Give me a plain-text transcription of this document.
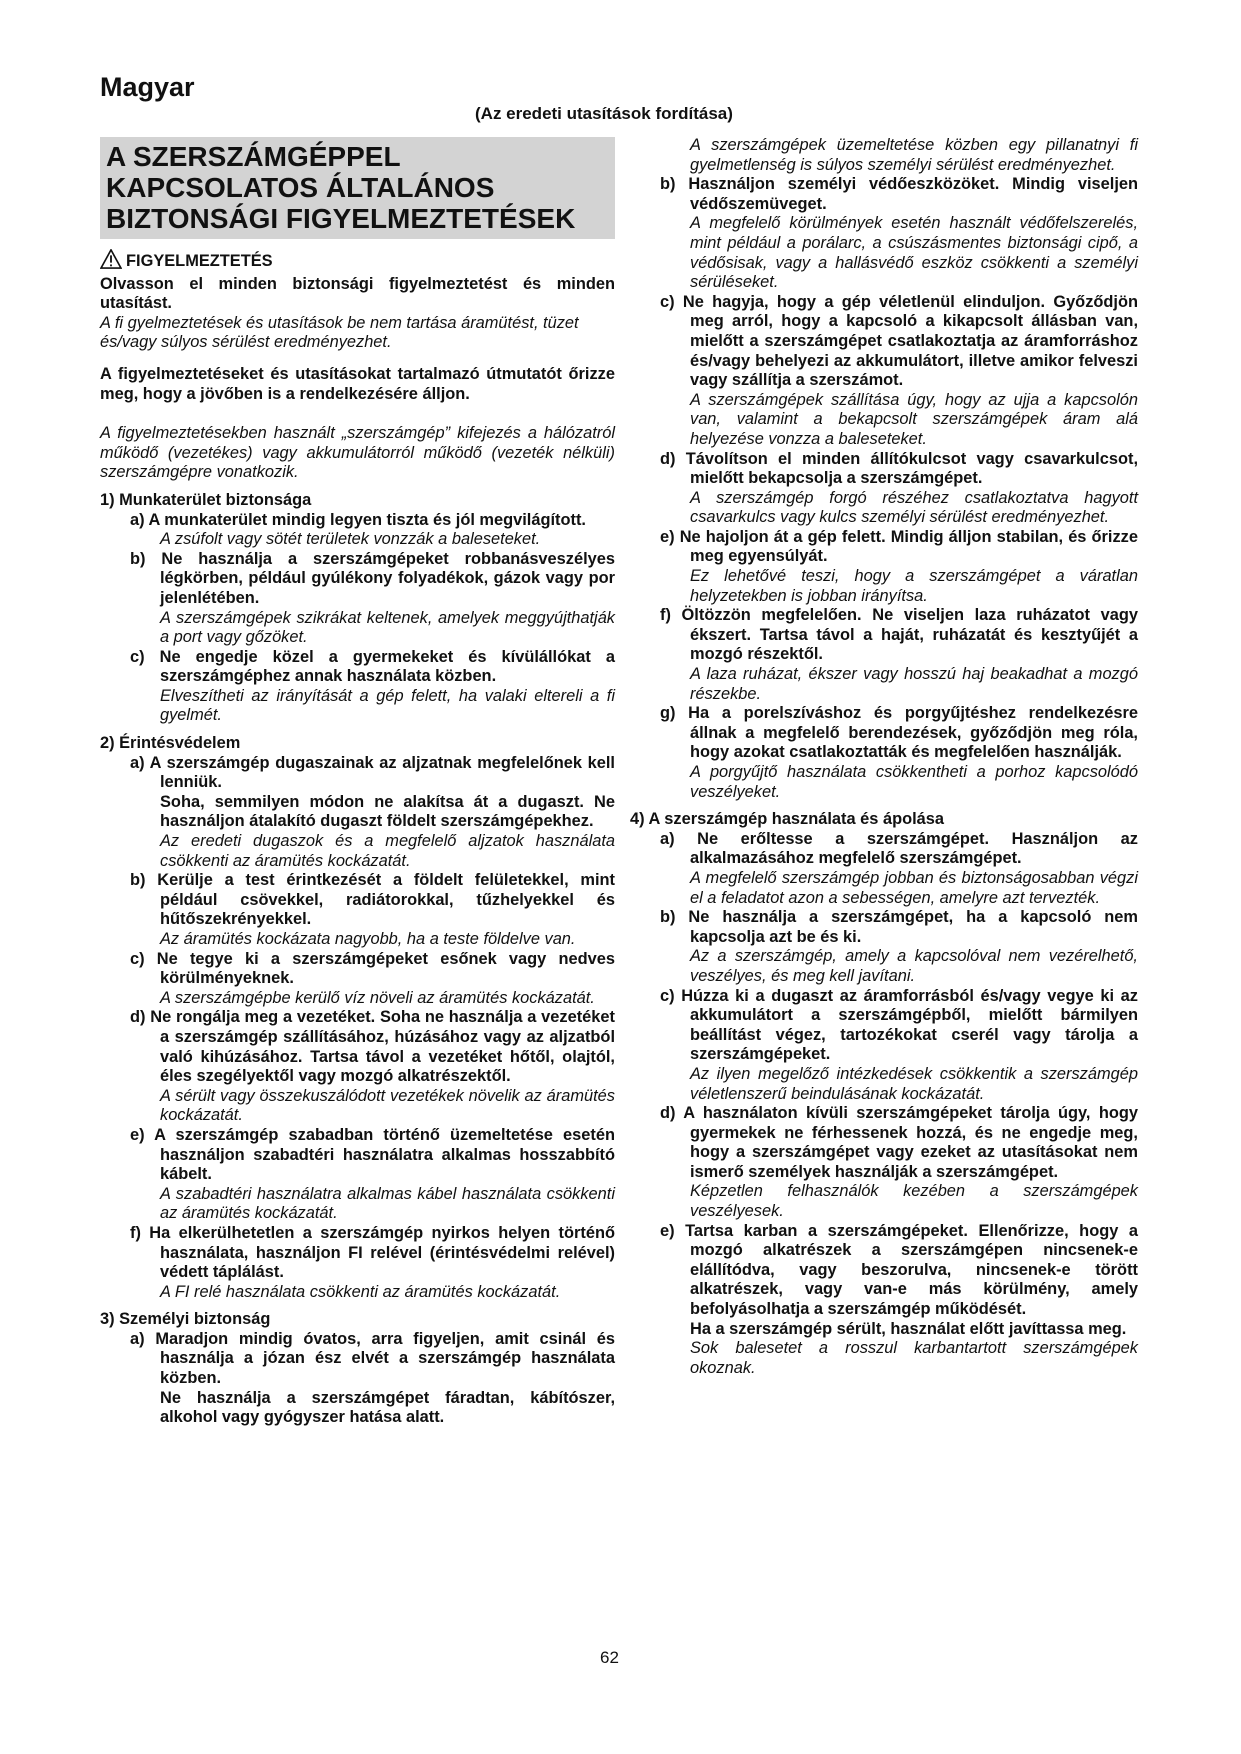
Magyar
(Az eredeti utasítások fordítása)
A SZERSZÁMGÉPPEL
KAPCSOLATOS ÁLTALÁNOS
BIZTONSÁGI FIGYELMEZTETÉSEK
FIGYELMEZTETÉS

Olvasson el minden biztonsági figyelmeztetést és minden utasítást.

A fi gyelmeztetések és utasítások be nem tartása áramütést, tüzet és/vagy súlyos sérülést eredményezhet.

A figyelmeztetéseket és utasításokat tartalmazó útmutatót őrizze meg, hogy a jövőben is a rendelkezésére álljon.

A figyelmeztetésekben használt „szerszámgép” kifejezés a hálózatról működő (vezetékes) vagy akkumulátorról működő (vezeték nélküli) szerszámgépre vonatkozik.

1) Munkaterület biztonsága

a) A munkaterület mindig legyen tiszta és jól megvilágított.

A zsúfolt vagy sötét területek vonzzák a baleseteket.

b) Ne használja a szerszámgépeket robbanásveszélyes légkörben, például gyúlékony folyadékok, gázok vagy por jelenlétében.

A szerszámgépek szikrákat keltenek, amelyek meggyújthatják a port vagy gőzöket.

c) Ne engedje közel a gyermekeket és kívülállókat a szerszámgéphez annak használata közben.

Elveszítheti az irányítását a gép felett, ha valaki eltereli a fi gyelmét.

2) Érintésvédelem

a) A szerszámgép dugaszainak az aljzatnak megfelelőnek kell lenniük.

Soha, semmilyen módon ne alakítsa át a dugaszt. Ne használjon átalakító dugaszt földelt szerszámgépekhez.

Az eredeti dugaszok és a megfelelő aljzatok használata csökkenti az áramütés kockázatát.

b) Kerülje a test érintkezését a földelt felületekkel, mint például csövekkel, radiátorokkal, tűzhelyekkel és hűtőszekrényekkel.

Az áramütés kockázata nagyobb, ha a teste földelve van.

c) Ne tegye ki a szerszámgépeket esőnek vagy nedves körülményeknek.

A szerszámgépbe kerülő víz növeli az áramütés kockázatát.

d) Ne rongálja meg a vezetéket. Soha ne használja a vezetéket a szerszámgép szállításához, húzásához vagy az aljzatból való kihúzásához. Tartsa távol a vezetéket hőtől, olajtól, éles szegélyektől vagy mozgó alkatrészektől.

A sérült vagy összekuszálódott vezetékek növelik az áramütés kockázatát.

e) A szerszámgép szabadban történő üzemeltetése esetén használjon szabadtéri használatra alkalmas hosszabbító kábelt.

A szabadtéri használatra alkalmas kábel használata csökkenti az áramütés kockázatát.

f) Ha elkerülhetetlen a szerszámgép nyirkos helyen történő használata, használjon FI relével (érintésvédelmi relével) védett táplálást.

A FI relé használata csökkenti az áramütés kockázatát.

3) Személyi biztonság

a) Maradjon mindig óvatos, arra figyeljen, amit csinál és használja a józan ész elvét a szerszámgép használata közben.

Ne használja a szerszámgépet fáradtan, kábítószer, alkohol vagy gyógyszer hatása alatt.

A szerszámgépek üzemeltetése közben egy pillanatnyi fi gyelmetlenség is súlyos személyi sérülést eredményezhet.

b) Használjon személyi védőeszközöket. Mindig viseljen védőszemüveget.

A megfelelő körülmények esetén használt védőfelszerelés, mint például a porálarc, a csúszásmentes biztonsági cipő, a védősisak, vagy a hallásvédő eszköz csökkenti a személyi sérüléseket.

c) Ne hagyja, hogy a gép véletlenül elinduljon. Győződjön meg arról, hogy a kapcsoló a kikapcsolt állásban van, mielőtt a szerszámgépet csatlakoztatja az áramforráshoz és/vagy behelyezi az akkumulátort, illetve amikor felveszi vagy szállítja a szerszámot.

A szerszámgépek szállítása úgy, hogy az ujja a kapcsolón van, valamint a bekapcsolt szerszámgépek áram alá helyezése vonzza a baleseteket.

d) Távolítson el minden állítókulcsot vagy csavarkulcsot, mielőtt bekapcsolja a szerszámgépet.

A szerszámgép forgó részéhez csatlakoztatva hagyott csavarkulcs vagy kulcs személyi sérülést eredményezhet.

e) Ne hajoljon át a gép felett. Mindig álljon stabilan, és őrizze meg egyensúlyát.

Ez lehetővé teszi, hogy a szerszámgépet a váratlan helyzetekben is jobban irányítsa.

f) Öltözzön megfelelően. Ne viseljen laza ruházatot vagy ékszert. Tartsa távol a haját, ruházatát és kesztyűjét a mozgó részektől.

A laza ruházat, ékszer vagy hosszú haj beakadhat a mozgó részekbe.

g) Ha a porelszíváshoz és porgyűjtéshez rendelkezésre állnak a megfelelő berendezések, győződjön meg róla, hogy azokat csatlakoztatták és megfelelően használják.

A porgyűjtő használata csökkentheti a porhoz kapcsolódó veszélyeket.

4) A szerszámgép használata és ápolása

a) Ne erőltesse a szerszámgépet. Használjon az alkalmazásához megfelelő szerszámgépet.

A megfelelő szerszámgép jobban és biztonságosabban végzi el a feladatot azon a sebességen, amelyre azt tervezték.

b) Ne használja a szerszámgépet, ha a kapcsoló nem kapcsolja azt be és ki.

Az a szerszámgép, amely a kapcsolóval nem vezérelhető, veszélyes, és meg kell javítani.

c) Húzza ki a dugaszt az áramforrásból és/vagy vegye ki az akkumulátort a szerszámgépből, mielőtt bármilyen beállítást végez, tartozékokat cserél vagy tárolja a szerszámgépeket.

Az ilyen megelőző intézkedések csökkentik a szerszámgép véletlenszerű beindulásának kockázatát.

d) A használaton kívüli szerszámgépeket tárolja úgy, hogy gyermekek ne férhessenek hozzá, és ne engedje meg, hogy a szerszámgépet vagy ezeket az utasításokat nem ismerő személyek használják a szerszámgépet.

Képzetlen felhasználók kezében a szerszámgépek veszélyesek.

e) Tartsa karban a szerszámgépeket. Ellenőrizze, hogy a mozgó alkatrészek a szerszámgépen nincsenek-e elállítódva, vagy beszorulva, nincsenek-e törött alkatrészek, vagy van-e más körülmény, amely befolyásolhatja a szerszámgép működését.

Ha a szerszámgép sérült, használat előtt javíttassa meg.

Sok balesetet a rosszul karbantartott szerszámgépek okoznak.

62
